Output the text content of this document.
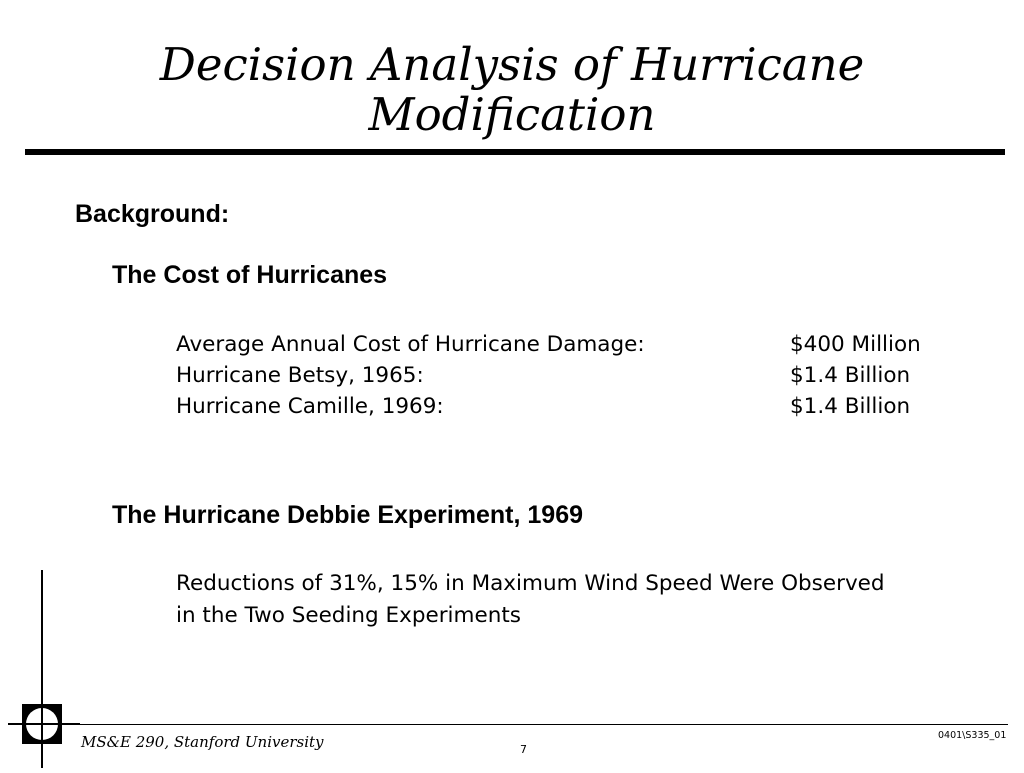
Decision Analysis of Hurricane
Modification
Background:
The Cost of Hurricanes
Average Annual Cost of Hurricane Damage:	$400 Million
Hurricane Betsy, 1965:	$1.4 Billion
Hurricane Camille, 1969:	$1.4 Billion
The Hurricane Debbie Experiment, 1969
Reductions of 31%, 15% in Maximum Wind Speed Were Observed
in the Two Seeding Experiments
MS&E 290, Stanford University	7
0401\S335_01
